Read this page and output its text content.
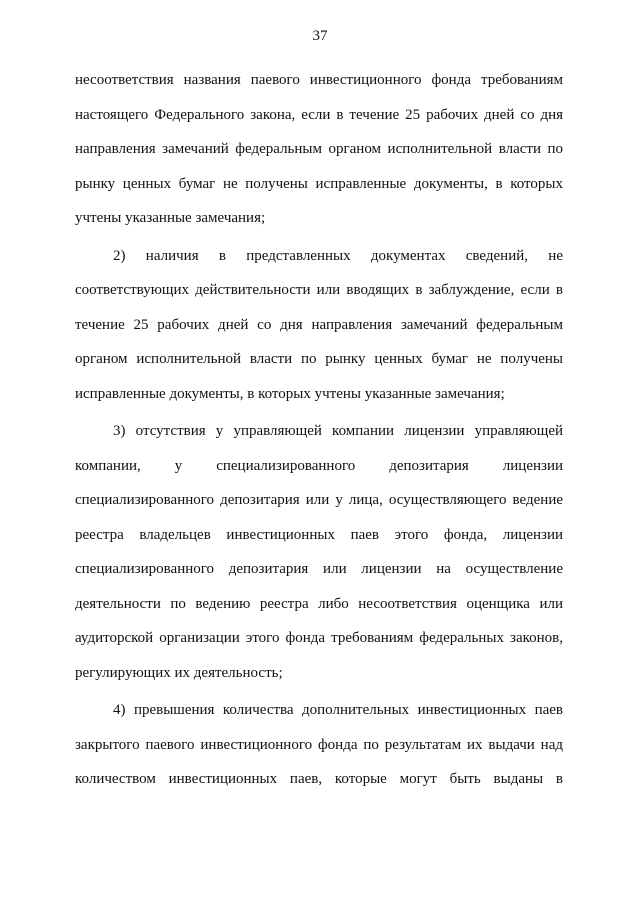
37
несоответствия названия паевого инвестиционного фонда требованиям
настоящего Федерального закона, если в течение 25 рабочих дней со дня
направления замечаний федеральным органом исполнительной власти по
рынку ценных бумаг не получены исправленные документы, в которых
учтены указанные замечания;
2) наличия в представленных документах сведений, не
соответствующих действительности или вводящих в заблуждение, если в
течение 25 рабочих дней со дня направления замечаний федеральным
органом исполнительной власти по рынку ценных бумаг не получены
исправленные документы, в которых учтены указанные замечания;
3) отсутствия у управляющей компании лицензии управляющей
компании, у специализированного депозитария лицензии
специализированного депозитария или у лица, осуществляющего ведение
реестра владельцев инвестиционных паев этого фонда, лицензии
специализированного депозитария или лицензии на осуществление
деятельности по ведению реестра либо несоответствия оценщика или
аудиторской организации этого фонда требованиям федеральных законов,
регулирующих их деятельность;
4) превышения количества дополнительных инвестиционных паев
закрытого паевого инвестиционного фонда по результатам их выдачи над
количеством инвестиционных паев, которые могут быть выданы в
